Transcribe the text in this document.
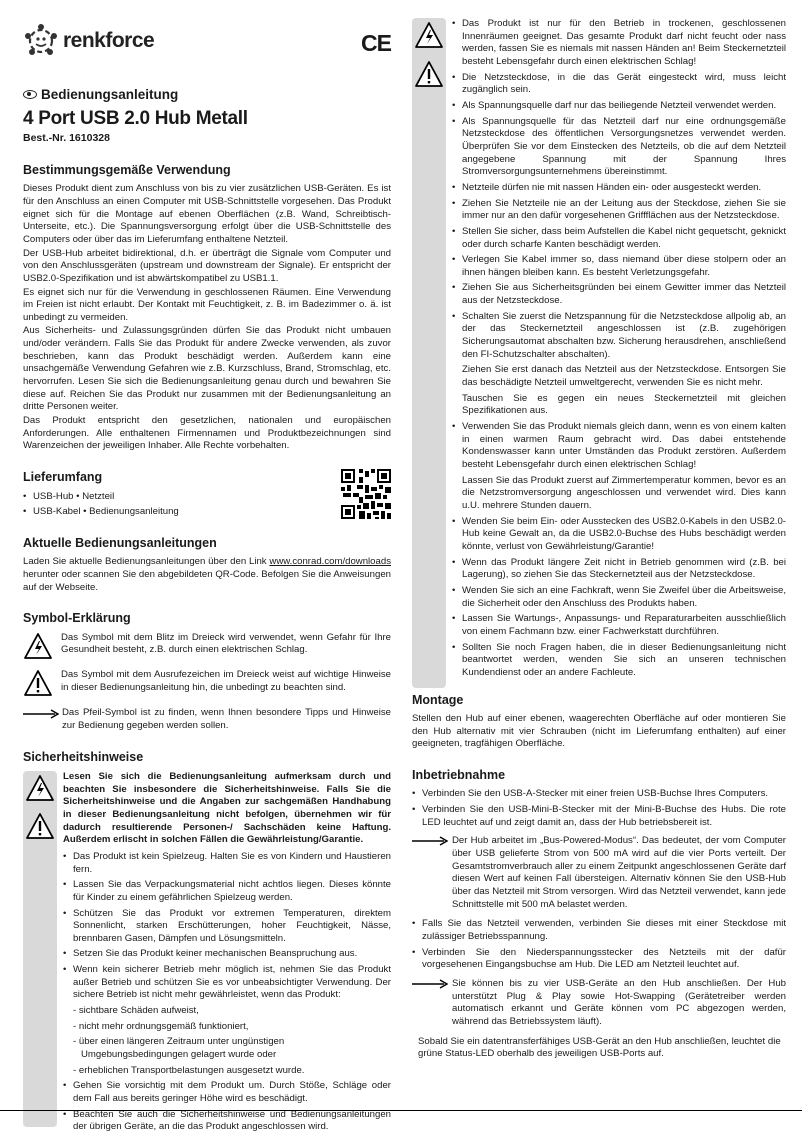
renkforce	CE
Bedienungsanleitung
4 Port USB 2.0 Hub Metall
Best.-Nr. 1610328
Bestimmungsgemäße Verwendung

Dieses Produkt dient zum Anschluss von bis zu vier zusätzlichen USB-Geräten. Es ist für den Anschluss an einen Computer mit USB-Schnittstelle vorgesehen. Das Produkt eignet sich für die Montage auf ebenen Oberflächen (z.B. Wand, Schreibtisch-Unterseite, etc.). Die Spannungsversorgung erfolgt über die USB-Schnittstelle des Computers oder über das im Lieferumfang enthaltene Netzteil.

Der USB-Hub arbeitet bidirektional, d.h. er überträgt die Signale vom Computer und von den Anschlussgeräten (upstream und downstream der Signale). Er entspricht der USB2.0-Spezifikation und ist abwärtskompatibel zu USB1.1.

Es eignet sich nur für die Verwendung in geschlossenen Räumen. Eine Verwendung im Freien ist nicht erlaubt. Der Kontakt mit Feuchtigkeit, z. B. im Badezimmer o. ä. ist unbedingt zu vermeiden.

Aus Sicherheits- und Zulassungsgründen dürfen Sie das Produkt nicht umbauen und/oder verändern. Falls Sie das Produkt für andere Zwecke verwenden, als zuvor beschrieben, kann das Produkt beschädigt werden. Außerdem kann eine unsachgemäße Verwendung Gefahren wie z.B. Kurzschluss, Brand, Stromschlag, etc. hervorrufen. Lesen Sie sich die Bedienungsanleitung genau durch und bewahren Sie diese auf. Reichen Sie das Produkt nur zusammen mit der Bedienungsanleitung an dritte Personen weiter.

Das Produkt entspricht den gesetzlichen, nationalen und europäischen Anforderungen. Alle enthaltenen Firmennamen und Produktbezeichnungen sind Warenzeichen der jeweiligen Inhaber. Alle Rechte vorbehalten.

Lieferumfang
• USB-Hub • Netzteil
• USB-Kabel • Bedienungsanleitung
Aktuelle Bedienungsanleitungen

Laden Sie aktuelle Bedienungsanleitungen über den Link www.conrad.com/downloads herunter oder scannen Sie den abgebildeten QR-Code. Befolgen Sie die Anweisungen auf der Webseite.

Symbol-Erklärung

Das Symbol mit dem Blitz im Dreieck wird verwendet, wenn Gefahr für Ihre Gesundheit besteht, z.B. durch einen elektrischen Schlag.

Das Symbol mit dem Ausrufezeichen im Dreieck weist auf wichtige Hinweise in dieser Bedienungsanleitung hin, die unbedingt zu beachten sind.

Das Pfeil-Symbol ist zu finden, wenn Ihnen besondere Tipps und Hinweise zur Bedienung gegeben werden sollen.

Sicherheitshinweise

Lesen Sie sich die Bedienungsanleitung aufmerksam durch und beachten Sie insbesondere die Sicherheitshinweise. Falls Sie die Sicherheitshinweise und die Angaben zur sachgemäßen Handhabung in dieser Bedienungsanleitung nicht befolgen, übernehmen wir für dadurch resultierende Personen-/ Sachschäden keine Haftung. Außerdem erlischt in solchen Fällen die Gewährleistung/Garantie.

• Das Produkt ist kein Spielzeug. Halten Sie es von Kindern und Haustieren fern.
• Lassen Sie das Verpackungsmaterial nicht achtlos liegen. Dieses könnte für Kinder zu einem gefährlichen Spielzeug werden.
• Schützen Sie das Produkt vor extremen Temperaturen, direktem Sonnenlicht, starken Erschütterungen, hoher Feuchtigkeit, Nässe, brennbaren Gasen, Dämpfen und Lösungsmitteln.
• Setzen Sie das Produkt keiner mechanischen Beanspruchung aus.
• Wenn kein sicherer Betrieb mehr möglich ist, nehmen Sie das Produkt außer Betrieb und schützen Sie es vor unbeabsichtigter Verwendung. Der sichere Betrieb ist nicht mehr gewährleistet, wenn das Produkt:
- sichtbare Schäden aufweist,
- nicht mehr ordnungsgemäß funktioniert,
- über einen längeren Zeitraum unter ungünstigen Umgebungsbedingungen gelagert wurde oder
- erheblichen Transportbelastungen ausgesetzt wurde.
• Gehen Sie vorsichtig mit dem Produkt um. Durch Stöße, Schläge oder dem Fall aus bereits geringer Höhe wird es beschädigt.
• Beachten Sie auch die Sicherheitshinweise und Bedienungsanleitungen der übrigen Geräte, an die das Produkt angeschlossen wird.

• Das Produkt ist nur für den Betrieb in trockenen, geschlossenen Innenräumen geeignet. Das gesamte Produkt darf nicht feucht oder nass werden, fassen Sie es niemals mit nassen Händen an! Beim Steckernetzteil besteht Lebensgefahr durch einen elektrischen Schlag!
• Die Netzsteckdose, in die das Gerät eingesteckt wird, muss leicht zugänglich sein.
• Als Spannungsquelle darf nur das beiliegende Netzteil verwendet werden.
• Als Spannungsquelle für das Netzteil darf nur eine ordnungsgemäße Netzsteckdose des öffentlichen Versorgungsnetzes verwendet werden. Überprüfen Sie vor dem Einstecken des Netzteils, ob die auf dem Netzteil angegebene Spannung mit der Spannung Ihres Stromversorgungsunternehmens übereinstimmt.
• Netzteile dürfen nie mit nassen Händen ein- oder ausgesteckt werden.
• Ziehen Sie Netzteile nie an der Leitung aus der Steckdose, ziehen Sie sie immer nur an den dafür vorgesehenen Griffflächen aus der Netzsteckdose.
• Stellen Sie sicher, dass beim Aufstellen die Kabel nicht gequetscht, geknickt oder durch scharfe Kanten beschädigt werden.
• Verlegen Sie Kabel immer so, dass niemand über diese stolpern oder an ihnen hängen bleiben kann. Es besteht Verletzungsgefahr.
• Ziehen Sie aus Sicherheitsgründen bei einem Gewitter immer das Netzteil aus der Netzsteckdose.
• Schalten Sie zuerst die Netzspannung für die Netzsteckdose allpolig ab, an der das Steckernetzteil angeschlossen ist (z.B. zugehörigen Sicherungsautomat abschalten bzw. Sicherung herausdrehen, anschließend den FI-Schutzschalter abschalten).

Ziehen Sie erst danach das Netzteil aus der Netzsteckdose. Entsorgen Sie das beschädigte Netzteil umweltgerecht, verwenden Sie es nicht mehr.

Tauschen Sie es gegen ein neues Steckernetzteil mit gleichen Spezifikationen aus.

• Verwenden Sie das Produkt niemals gleich dann, wenn es von einem kalten in einen warmen Raum gebracht wird. Das dabei entstehende Kondenswasser kann unter Umständen das Produkt zerstören. Außerdem besteht Lebensgefahr durch einen elektrischen Schlag!

Lassen Sie das Produkt zuerst auf Zimmertemperatur kommen, bevor es an die Netzstromversorgung angeschlossen und verwendet wird. Dies kann u.U. mehrere Stunden dauern.

• Wenden Sie beim Ein- oder Ausstecken des USB2.0-Kabels in den USB2.0-Hub keine Gewalt an, da die USB2.0-Buchse des Hubs beschädigt werden könnte, verlust von Gewährleistung/Garantie!
• Wenn das Produkt längere Zeit nicht in Betrieb genommen wird (z.B. bei Lagerung), so ziehen Sie das Steckernetzteil aus der Netzsteckdose.
• Wenden Sie sich an eine Fachkraft, wenn Sie Zweifel über die Arbeitsweise, die Sicherheit oder den Anschluss des Produkts haben.
• Lassen Sie Wartungs-, Anpassungs- und Reparaturarbeiten ausschließlich von einem Fachmann bzw. einer Fachwerkstatt durchführen.
• Sollten Sie noch Fragen haben, die in dieser Bedienungsanleitung nicht beantwortet werden, wenden Sie sich an unseren technischen Kundendienst oder an andere Fachleute.
Montage

Stellen den Hub auf einer ebenen, waagerechten Oberfläche auf oder montieren Sie den Hub alternativ mit vier Schrauben (nicht im Lieferumfang enthalten) auf einer geeigneten, tragfähigen Oberfläche.

Inbetriebnahme
• Verbinden Sie den USB-A-Stecker mit einer freien USB-Buchse Ihres Computers.
• Verbinden Sie den USB-Mini-B-Stecker mit der Mini-B-Buchse des Hubs. Die rote LED leuchtet auf und zeigt damit an, dass der Hub betriebsbereit ist.

Der Hub arbeitet im „Bus-Powered-Modus“. Das bedeutet, der vom Computer über USB gelieferte Strom von 500 mA wird auf die vier Ports verteilt. Der Gesamtstromverbrauch aller zu einem Zeitpunkt angeschlossenen Geräte darf diesen Wert auf keinen Fall übersteigen. Alternativ können Sie den USB-Hub über das Netzteil mit Strom versorgen. Wird das Netzteil verwendet, kann jede Schnittstelle mit 500 mA belastet werden.

• Falls Sie das Netzteil verwenden, verbinden Sie dieses mit einer Steckdose mit zulässiger Betriebsspannung.
• Verbinden Sie den Niederspannungsstecker des Netzteils mit der dafür vorgesehenen Eingangsbuchse am Hub. Die LED am Netzteil leuchtet auf.

Sie können bis zu vier USB-Geräte an den Hub anschließen. Der Hub unterstützt Plug & Play sowie Hot-Swapping (Gerätetreiber werden automatisch erkannt und Geräte können vom PC abgezogen werden, während das Betriebssystem läuft).

Sobald Sie ein datentransferfähiges USB-Gerät an den Hub anschließen, leuchtet die grüne Status-LED oberhalb des jeweiligen USB-Ports auf.
